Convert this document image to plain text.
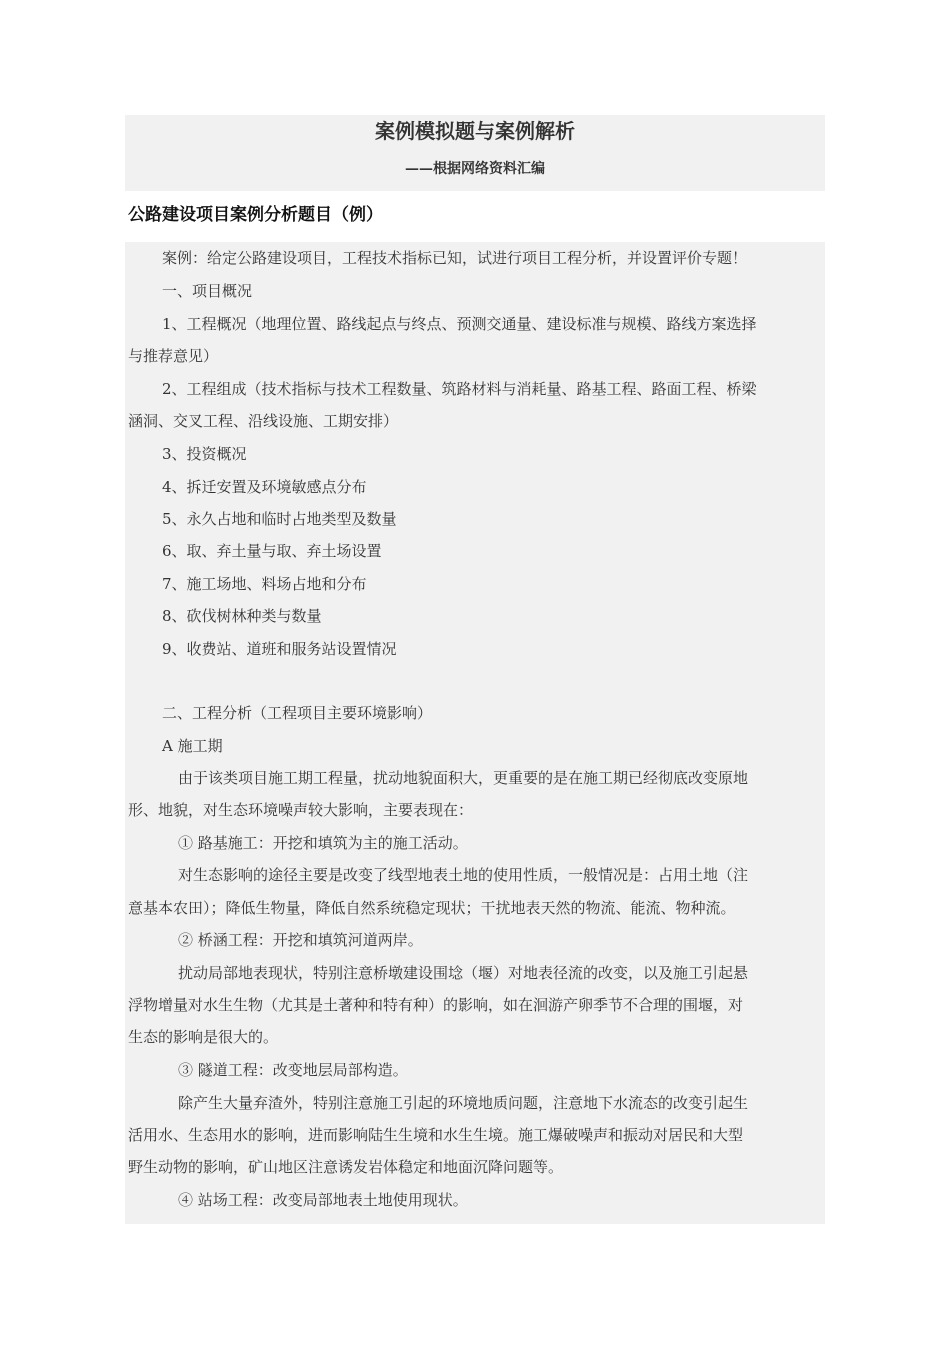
案例模拟题与案例解析
——根据网络资料汇编
公路建设项目案例分析题目（例）
案例：给定公路建设项目，工程技术指标已知，试进行项目工程分析，并设置评价专题！
一、项目概况
1、工程概况（地理位置、路线起点与终点、预测交通量、建设标准与规模、路线方案选择
与推荐意见）
2、工程组成（技术指标与技术工程数量、筑路材料与消耗量、路基工程、路面工程、桥梁
涵洞、交叉工程、沿线设施、工期安排）
3、投资概况
4、拆迁安置及环境敏感点分布
5、永久占地和临时占地类型及数量
6、取、弃土量与取、弃土场设置
7、施工场地、料场占地和分布
8、砍伐树林种类与数量
9、收费站、道班和服务站设置情况
二、工程分析（工程项目主要环境影响）
A 施工期
由于该类项目施工期工程量，扰动地貌面积大，更重要的是在施工期已经彻底改变原地
形、地貌，对生态环境噪声较大影响，主要表现在：
① 路基施工：开挖和填筑为主的施工活动。
对生态影响的途径主要是改变了线型地表土地的使用性质，一般情况是：占用土地（注
意基本农田）；降低生物量，降低自然系统稳定现状；干扰地表天然的物流、能流、物种流。
② 桥涵工程：开挖和填筑河道两岸。
扰动局部地表现状，特别注意桥墩建设围埝（堰）对地表径流的改变，以及施工引起悬
浮物增量对水生生物（尤其是土著种和特有种）的影响，如在洄游产卵季节不合理的围堰，对
生态的影响是很大的。
③ 隧道工程：改变地层局部构造。
除产生大量弃渣外，特别注意施工引起的环境地质问题，注意地下水流态的改变引起生
活用水、生态用水的影响，进而影响陆生生境和水生生境。施工爆破噪声和振动对居民和大型
野生动物的影响，矿山地区注意诱发岩体稳定和地面沉降问题等。
④ 站场工程：改变局部地表土地使用现状。
